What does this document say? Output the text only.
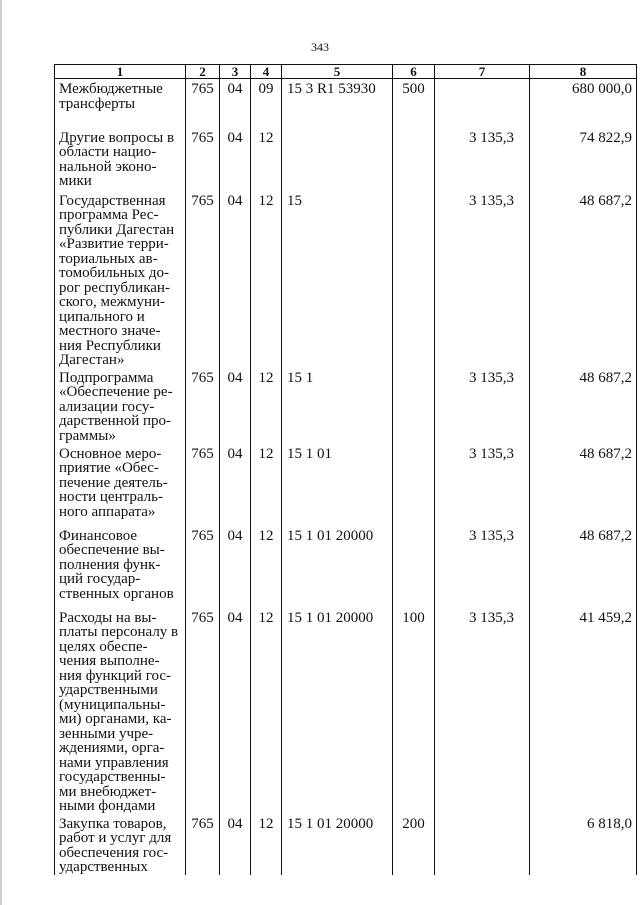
343
1	2	3	4	5	6	7	8
Межбюджетные трансферты	765	04	09	15 3 R1 53930	500		680 000,0
Другие вопросы в области нацио-нальной эконо-мики	765	04	12			3 135,3	74 822,9
Государственная программа Рес-публики Дагестан «Развитие терри-ториальных ав-томобильных до-рог республикан-ского, межмуни-ципального и местного значе-ния Республики Дагестан»	765	04	12	15		3 135,3	48 687,2
Подпрограмма «Обеспечение ре-ализации госу-дарственной про-граммы»	765	04	12	15 1		3 135,3	48 687,2
Основное меро-приятие «Обес-печение деятель-ности централь-ного аппарата»	765	04	12	15 1 01		3 135,3	48 687,2
Финансовое обеспечение вы-полнения функ-ций государ-ственных органов	765	04	12	15 1 01 20000		3 135,3	48 687,2
Расходы на вы-платы персоналу в целях обеспе-чения выполне-ния функций гос-ударственными (муниципальны-ми) органами, ка-зенными учре-ждениями, орга-нами управления государственны-ми внебюджет-ными фондами	765	04	12	15 1 01 20000	100	3 135,3	41 459,2
Закупка товаров, работ и услуг для обеспечения гос-ударственных	765	04	12	15 1 01 20000	200		6 818,0
